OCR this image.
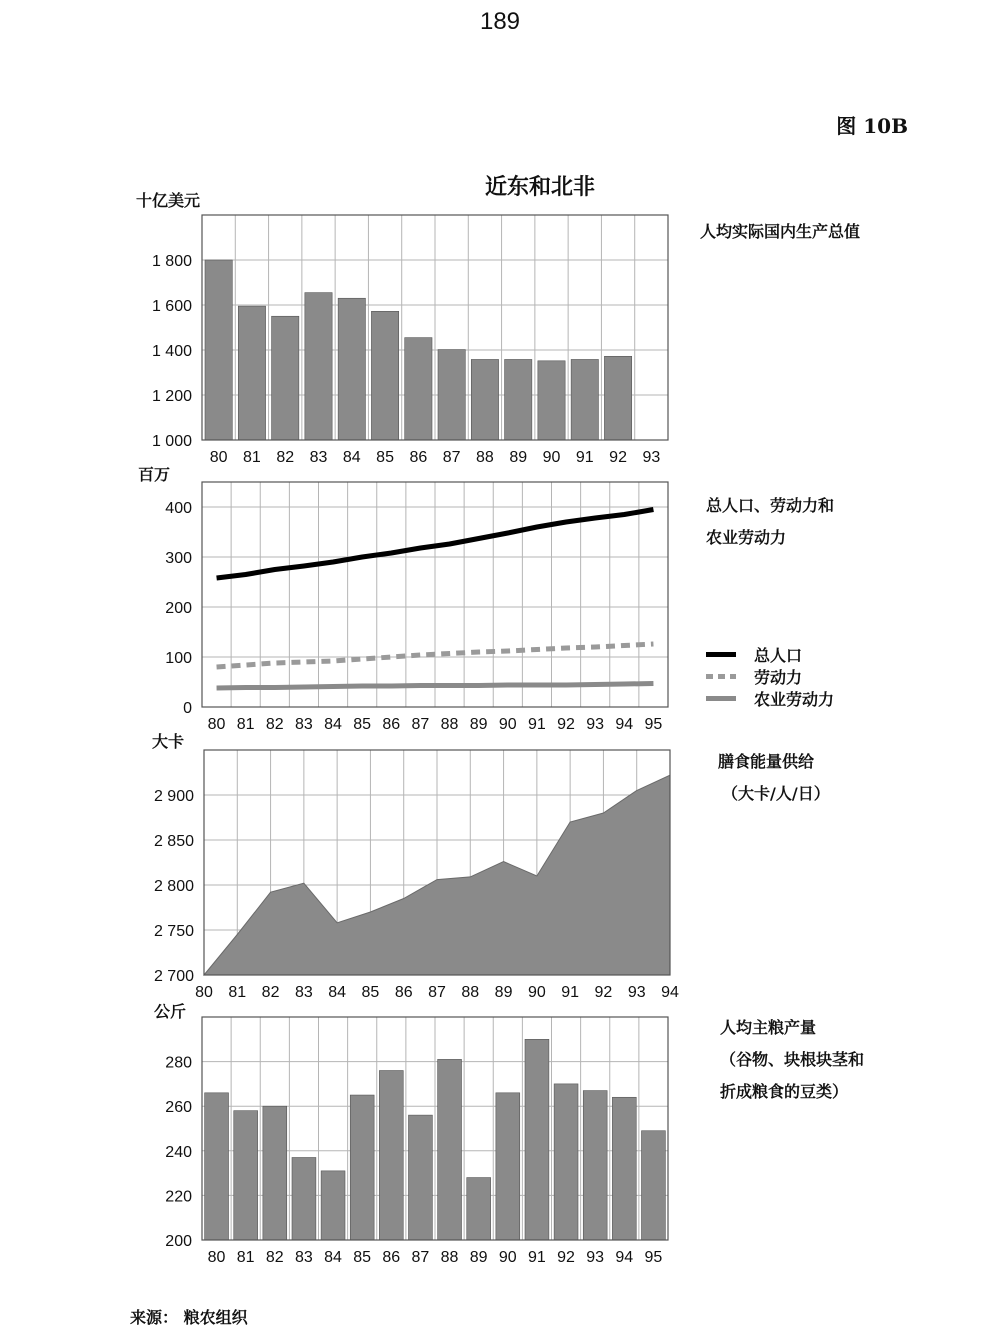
189
图 10B
近东和北非
十亿美元
百万
大卡
公斤
人均实际国内生产总值
总人口、劳动力和
农业劳动力
膳食能量供给
（大卡/人/日）
人均主粮产量
（谷物、块根块茎和
折成粮食的豆类）
总人口
劳动力
农业劳动力
1 000
1 200
1 400
1 600
1 800
80 81 82 83 84 85 86 87 88 89 90 91 92 93
0
100
200
300
400
80 81 82 83 84 85 86 87 88 89 90 91 92 93 94 95
2 700
2 750
2 800
2 850
2 900
80 81 82 83 84 85 86 87 88 89 90 91 92 93 94
200
220
240
260
280
80 81 82 83 84 85 86 87 88 89 90 91 92 93 94 95
来源： 粮农组织
